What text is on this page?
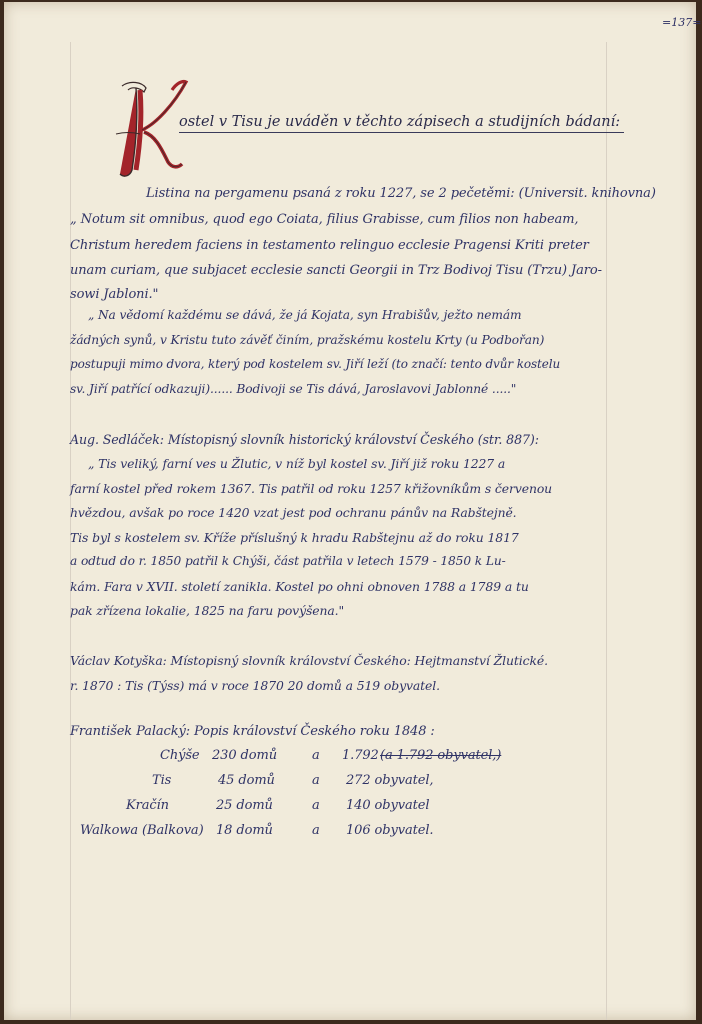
=137=
ostel v Tisu je uváděn v těchto zápisech a studijních bádaní:
Listina na pergamenu psaná z roku 1227, se 2 pečetěmi: (Universit. knihovna)
„ Notum sit omnibus, quod ego Coiata, filius Grabisse, cum filios non habeam,
Christum heredem faciens in testamento relinguo ecclesie Pragensi Kriti preter
unam curiam, que subjacet ecclesie sancti Georgii in Trz Bodivoj Tisu (Trzu) Jaro-
sowi Jabloni."
„ Na vědomí každému se dává, že já Kojata, syn Hrabišův, ježto nemám
žádných synů, v Kristu tuto závěť činím, pražskému kostelu Krty (u Podbořan)
postupuji mimo dvora, který pod kostelem sv. Jiří leží (to značí: tento dvůr kostelu
sv. Jiří patřící odkazuji)...... Bodivoji se Tis dává, Jaroslavovi Jablonné ....."
Aug. Sedláček: Místopisný slovník historický království Českého (str. 887):
„ Tis veliký, farní ves u Žlutic, v níž byl kostel sv. Jiří již roku 1227 a
farní kostel před rokem 1367. Tis patřil od roku 1257 křižovníkům s červenou
hvězdou, avšak po roce 1420 vzat jest pod ochranu pánův na Rabštejně.
Tis byl s kostelem sv. Kříže příslušný k hradu Rabštejnu až do roku 1817
a odtud do r. 1850 patřil k Chýši, část patřila v letech 1579 - 1850 k Lu-
kám. Fara v XVII. století zanikla. Kostel po ohni obnoven 1788 a 1789 a tu
pak zřízena lokalie, 1825 na faru povýšena."
Václav Kotyška: Místopisný slovník království Českého: Hejtmanství Žlutické.
r. 1870 : Tis (Týss) má v roce 1870 20 domů a 519 obyvatel.
František Palacký: Popis království Českého roku 1848 :
Chýše 230 domů	a 1.792 (a 1.792 obyvatel,)
Tis	45 domů	a 272 obyvatel,
Kračín	25 domů	a 140 obyvatel
Walkowa (Balkova) 18 domů	a 106 obyvatel.
